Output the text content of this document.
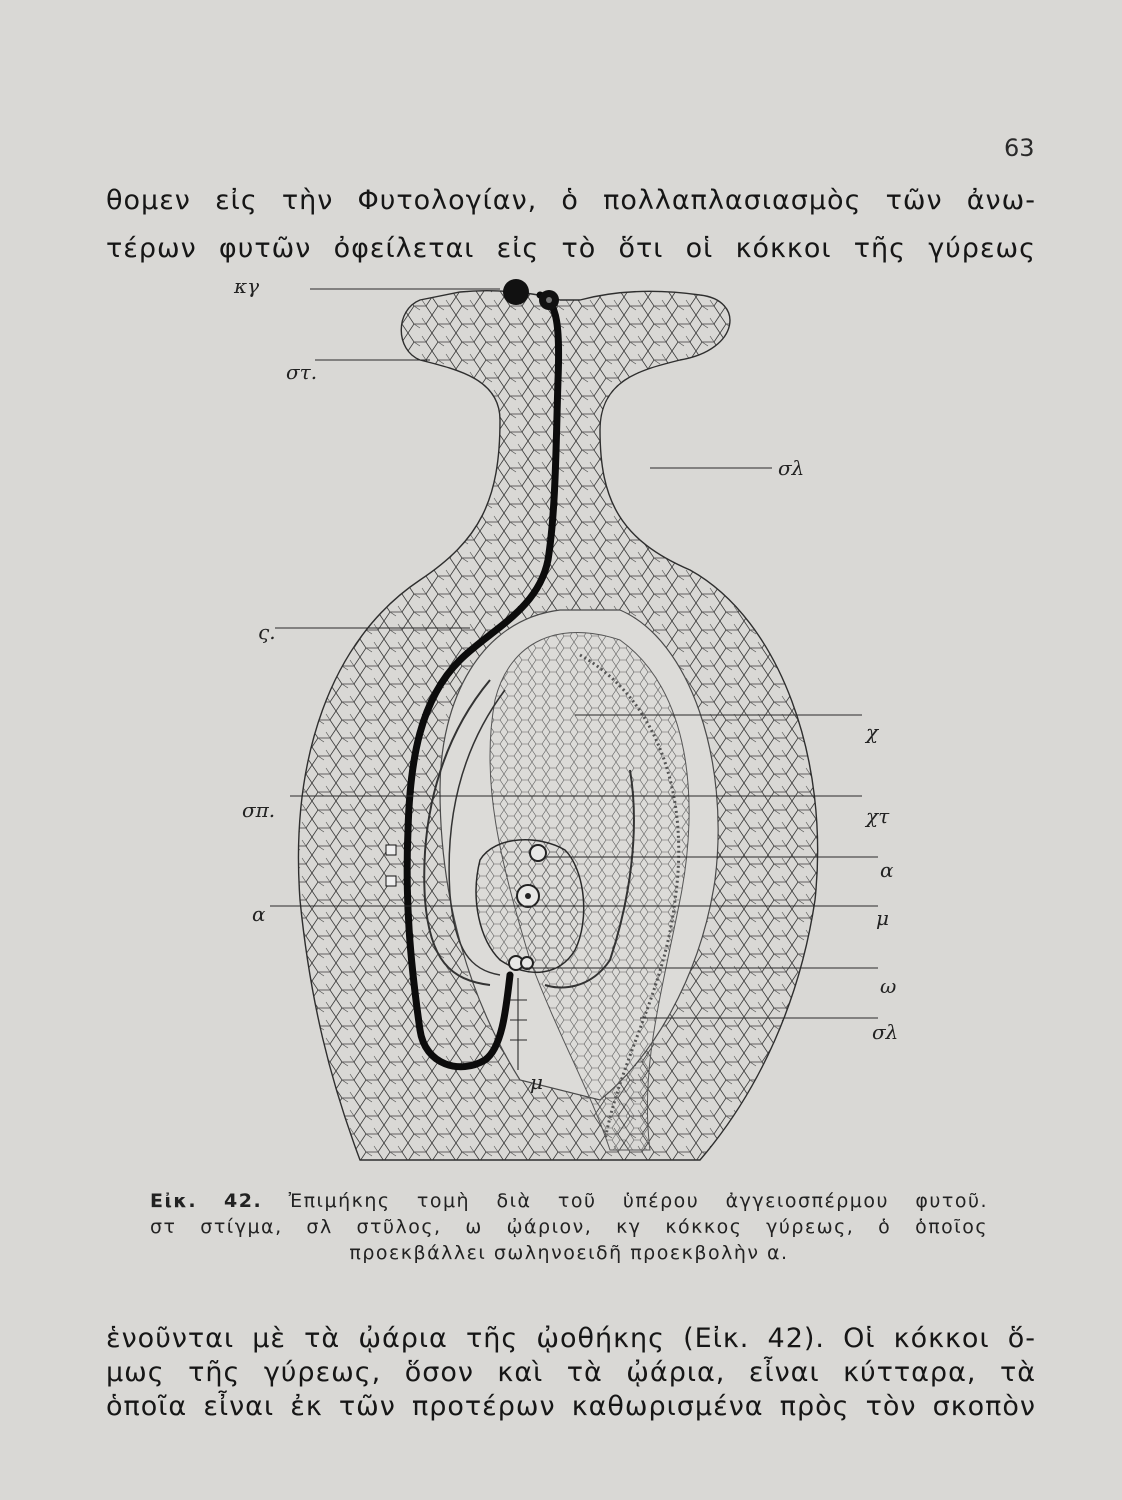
63
θομεν εἰς τὴν Φυτολογίαν, ὁ πολλαπλασιασμὸς τῶν ἀνω-
τέρων φυτῶν ὀφείλεται εἰς τὸ ὅτι οἱ κόκκοι τῆς γύρεως
κγ
στ.
σλ
ς.
χ
σπ.	χτ
α
α	μ
ω
σλ
μ
Εἰκ. 42. Ἐπιμήκης τομὴ διὰ τοῦ ὑπέρου ἀγγειοσπέρμου φυτοῦ.
στ στίγμα, σλ στῦλος, ω ᾠάριον, κγ κόκκος γύρεως, ὁ ὁποῖος
προεκβάλλει σωληνοειδῆ προεκβολὴν α.
ἑνοῦνται μὲ τὰ ᾠάρια τῆς ᾠοθήκης (Εἰκ. 42). Οἱ κόκκοι ὅ-
μως τῆς γύρεως, ὅσον καὶ τὰ ᾠάρια, εἶναι κύτταρα, τὰ
ὁποῖα εἶναι ἐκ τῶν προτέρων καθωρισμένα πρὸς τὸν σκοπὸν
